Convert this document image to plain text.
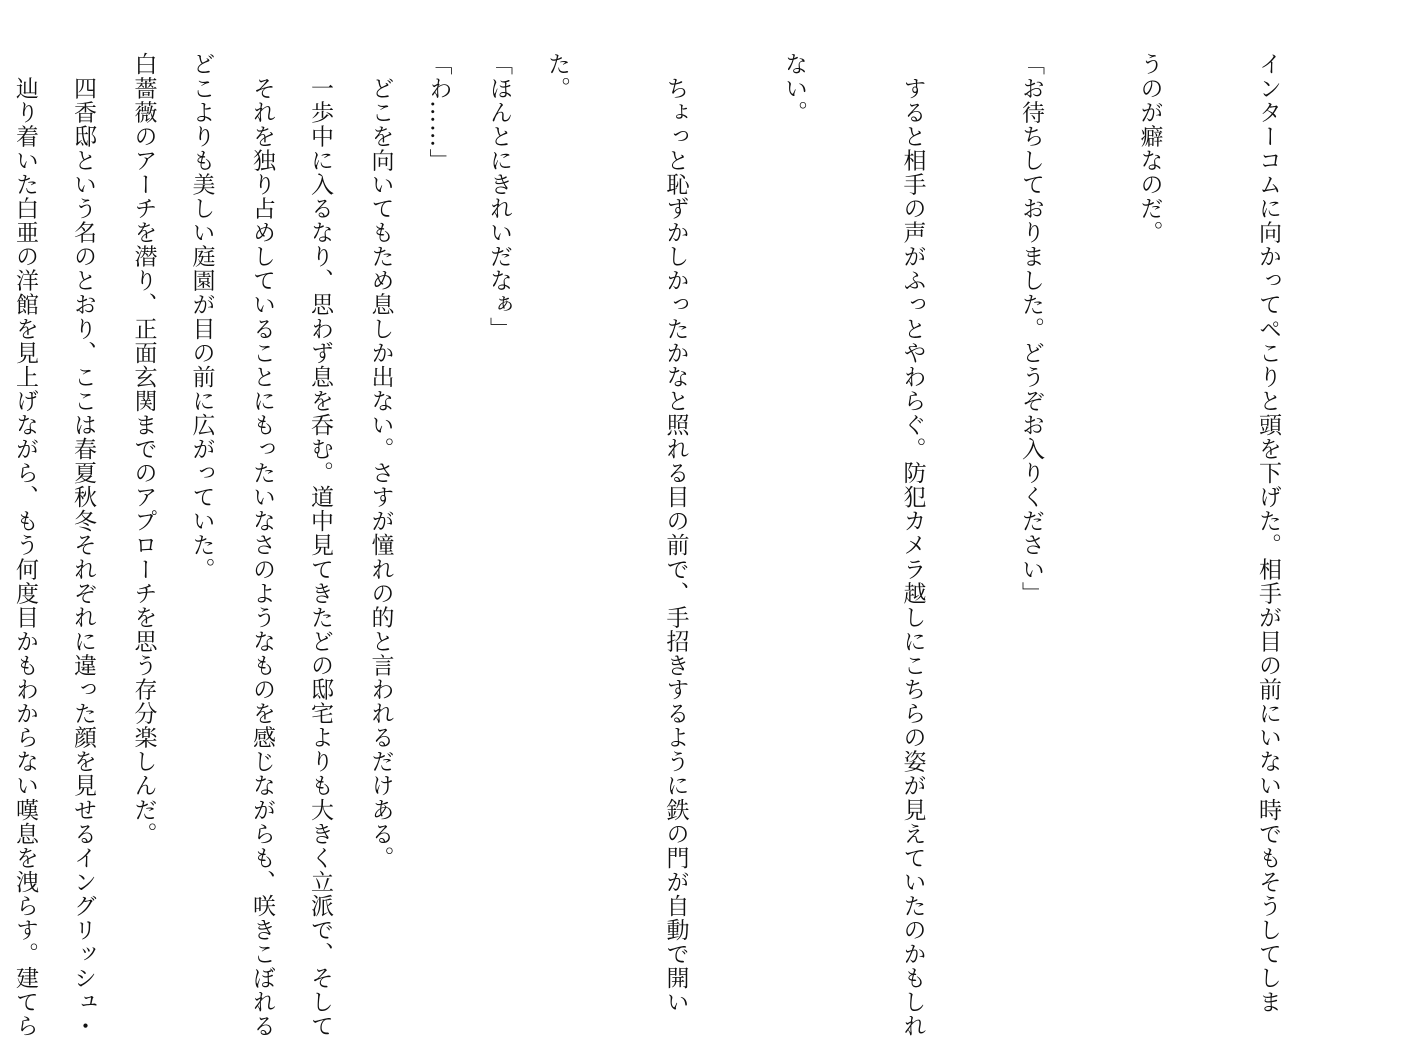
インターコムに向かってペこりと頭を下げた。相手が目の前にいない時でもそうしてしま

うのが癖なのだ。

「お待ちしておりました。どうぞお入りください」

　すると相手の声がふっとやわらぐ。防犯カメラ越しにこちらの姿が見えていたのかもしれ

ない。

　ちょっと恥ずかしかったかなと照れる目の前で、手招きするように鉄の門が自動で開い

た。

「わ……」

　一歩中に入るなり、思わず息を呑む。道中見てきたどの邸宅よりも大きく立派で、そして

どこよりも美しい庭園が目の前に広がっていた。

　四香邸という名のとおり、ここは春夏秋冬それぞれに違った顔を見せるイングリッシュ・

	「ほんとにきれいだなぁ」

　どこを向いてもため息しか出ない。さすが憧れの的と言われるだけある。

　それを独り占めしていることにもったいなさのようなものを感じながらも、咲きこぼれる

白薔薇のアーチを潜り、正面玄関までのアプローチを思う存分楽しんだ。

　辿り着いた白亜の洋館を見上げながら、もう何度目かもわからない嘆息を洩らす。建てら
